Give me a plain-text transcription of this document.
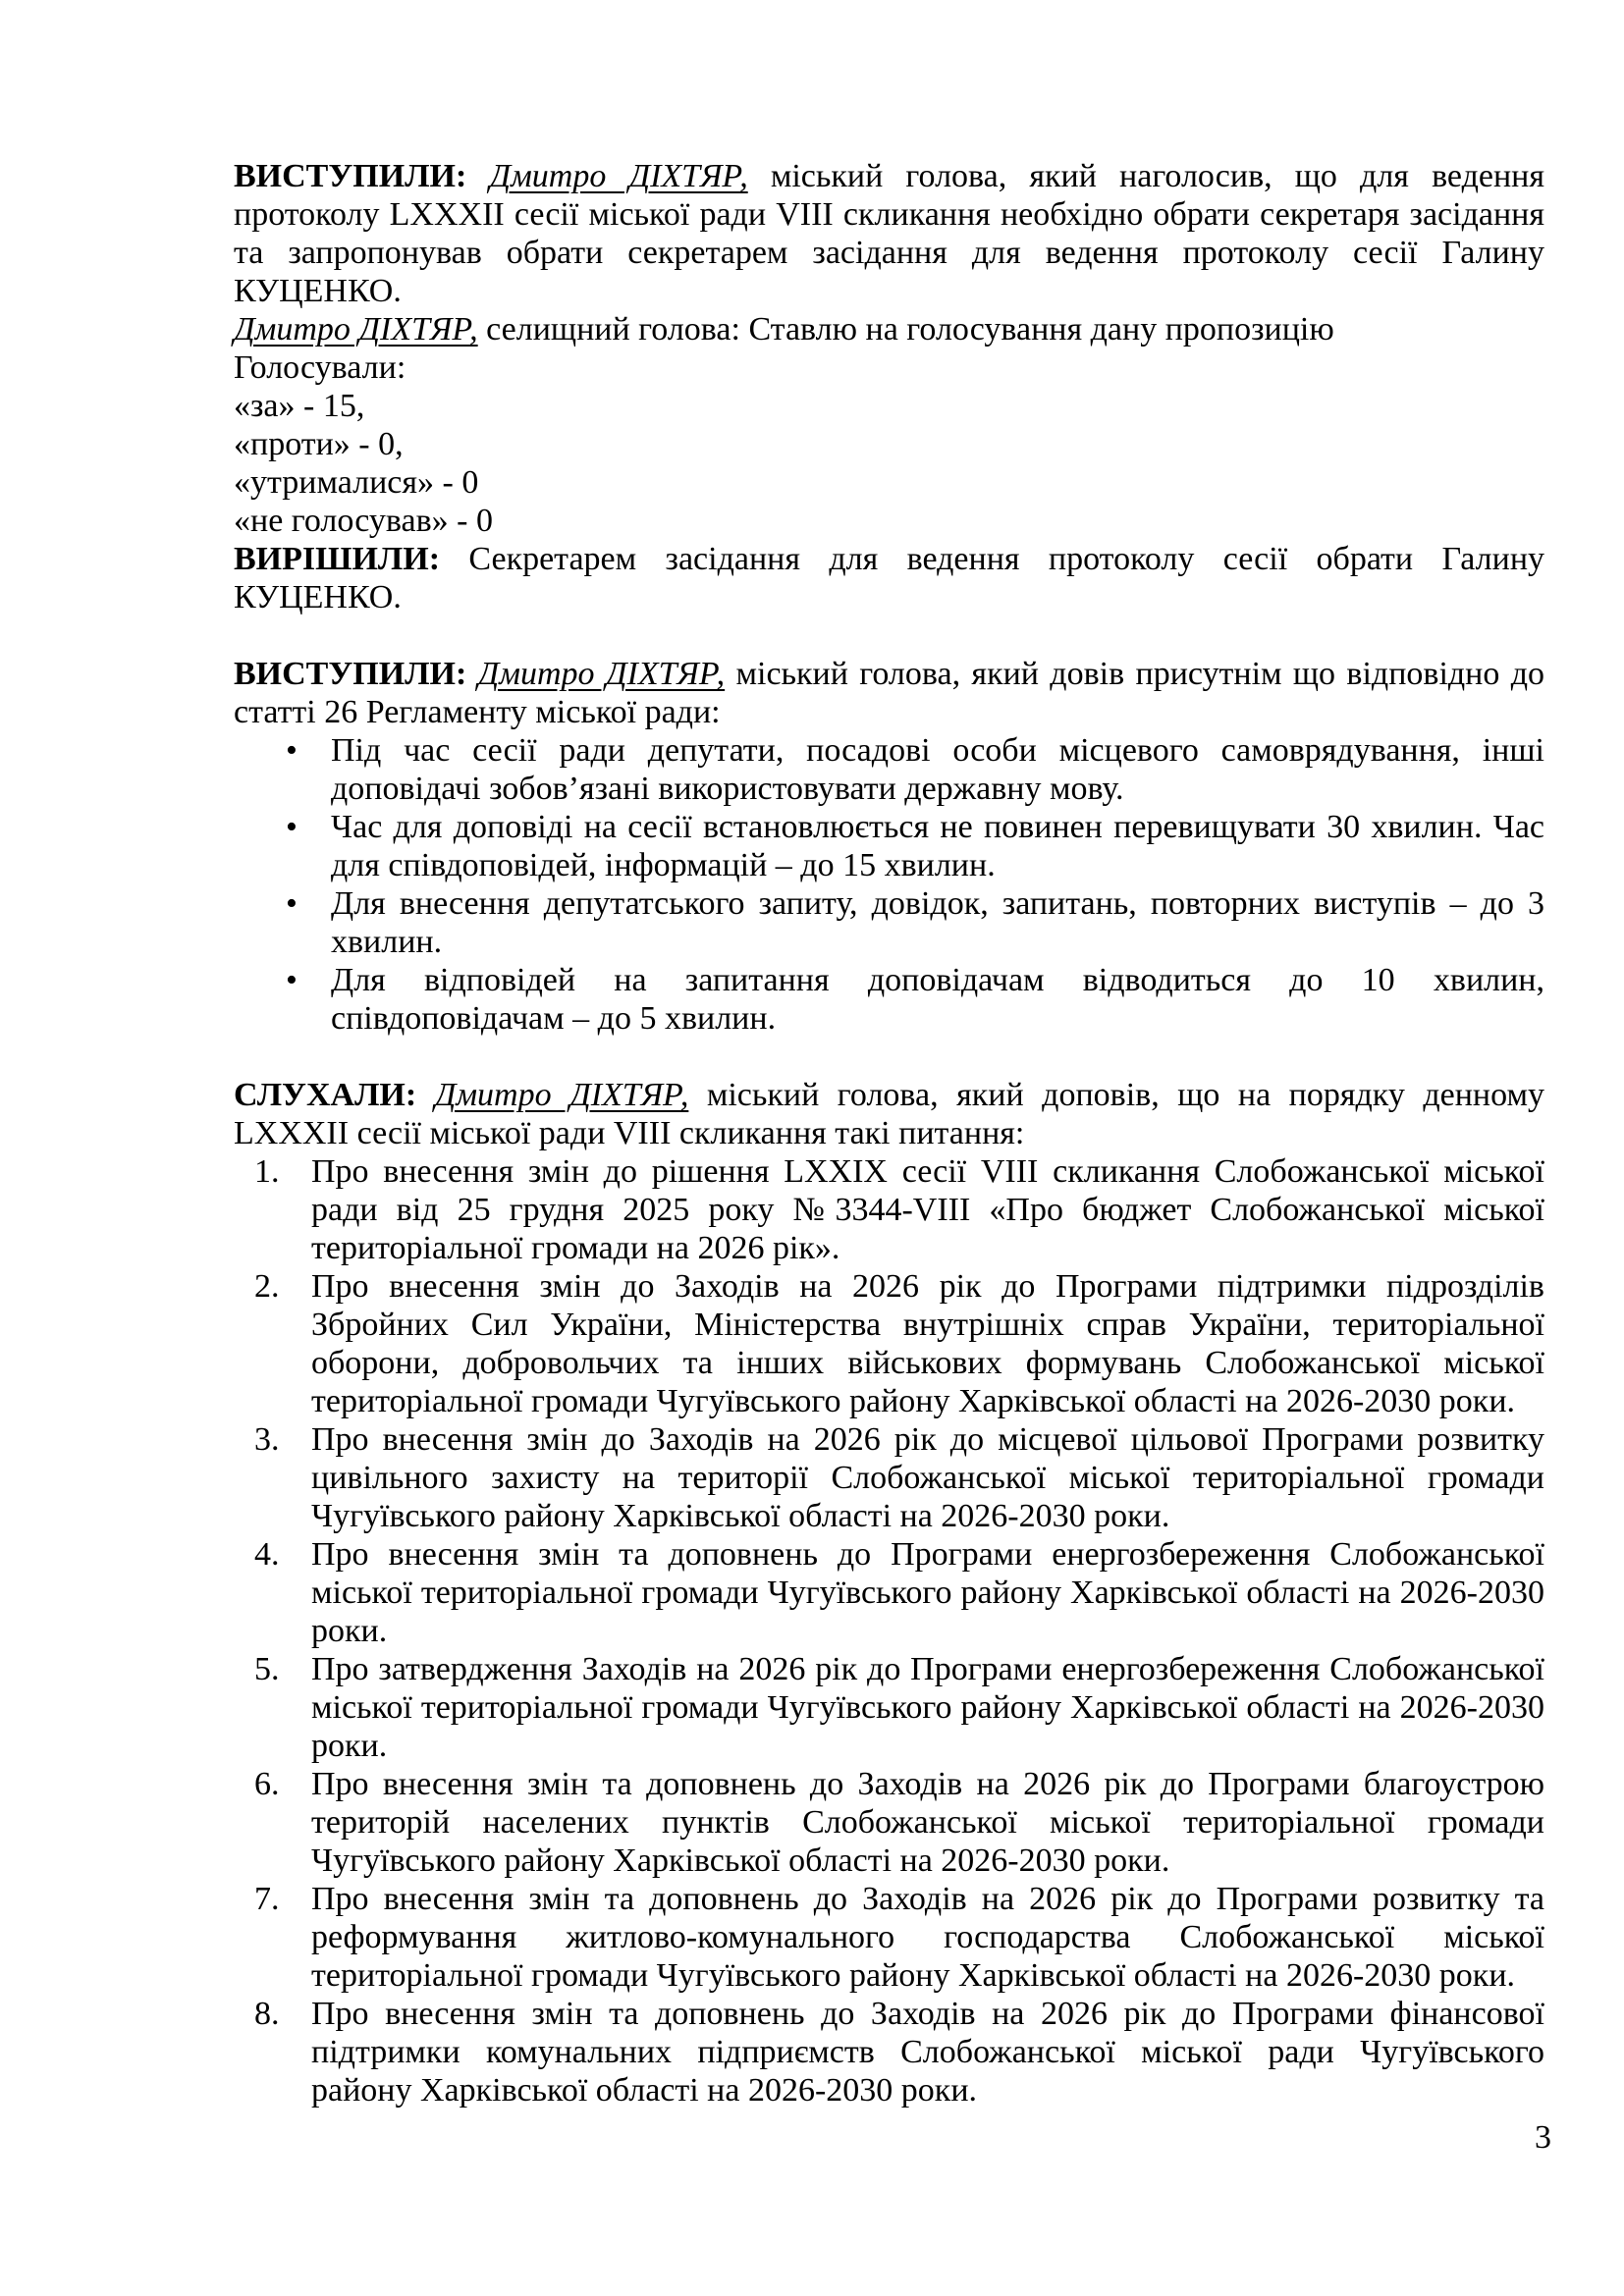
ВИСТУПИЛИ: Дмитро ДІХТЯР, міський голова, який наголосив, що для ведення протоколу LXXXII сесії міської ради VIII скликання необхідно обрати секретаря засідання та запропонував обрати секретарем засідання для ведення протоколу сесії Галину КУЦЕНКО.

Дмитро ДІХТЯР, селищний голова: Ставлю на голосування дану пропозицію

Голосували:

«за» - 15,

«проти» - 0,

«утрималися» - 0

«не голосував» - 0

ВИРІШИЛИ: Секретарем засідання для ведення протоколу сесії обрати Галину КУЦЕНКО.

ВИСТУПИЛИ: Дмитро ДІХТЯР, міський голова, який довів присутнім що відповідно до статті 26 Регламенту міської ради:

• Під час сесії ради депутати, посадові особи місцевого самоврядування, інші доповідачі зобов’язані використовувати державну мову.
• Час для доповіді на сесії встановлюється не повинен перевищувати 30 хвилин. Час для співдоповідей, інформацій – до 15 хвилин.
• Для внесення депутатського запиту, довідок, запитань, повторних виступів – до 3 хвилин.
• Для відповідей на запитання доповідачам відводиться до 10 хвилин, співдоповідачам – до 5 хвилин.

СЛУХАЛИ: Дмитро ДІХТЯР, міський голова, який доповів, що на порядку денному LXXXII сесії міської ради VIII скликання такі питання:

1. Про внесення змін до рішення LXXIX сесії VIII скликання Слобожанської міської ради від 25 грудня 2025 року №3344-VIII «Про бюджет Слобожанської міської територіальної громади на 2026 рік».
2. Про внесення змін до Заходів на 2026 рік до Програми підтримки підрозділів Збройних Сил України, Міністерства внутрішніх справ України, територіальної оборони, добровольчих та інших військових формувань Слобожанської міської територіальної громади Чугуївського району Харківської області на 2026-2030 роки.
3. Про внесення змін до Заходів на 2026 рік до місцевої цільової Програми розвитку цивільного захисту на території Слобожанської міської територіальної громади Чугуївського району Харківської області на 2026-2030 роки.
4. Про внесення змін та доповнень до Програми енергозбереження Слобожанської міської територіальної громади Чугуївського району Харківської області на 2026-2030 роки.
5. Про затвердження Заходів на 2026 рік до Програми енергозбереження Слобожанської міської територіальної громади Чугуївського району Харківської області на 2026-2030 роки.
6. Про внесення змін та доповнень до Заходів на 2026 рік до Програми благоустрою територій населених пунктів Слобожанської міської територіальної громади Чугуївського району Харківської області на 2026-2030 роки.
7. Про внесення змін та доповнень до Заходів на 2026 рік до Програми розвитку та реформування житлово-комунального господарства Слобожанської міської територіальної громади Чугуївського району Харківської області на 2026-2030 роки.
8. Про внесення змін та доповнень до Заходів на 2026 рік до Програми фінансової підтримки комунальних підприємств Слобожанської міської ради Чугуївського району Харківської області на 2026-2030 роки.
3
